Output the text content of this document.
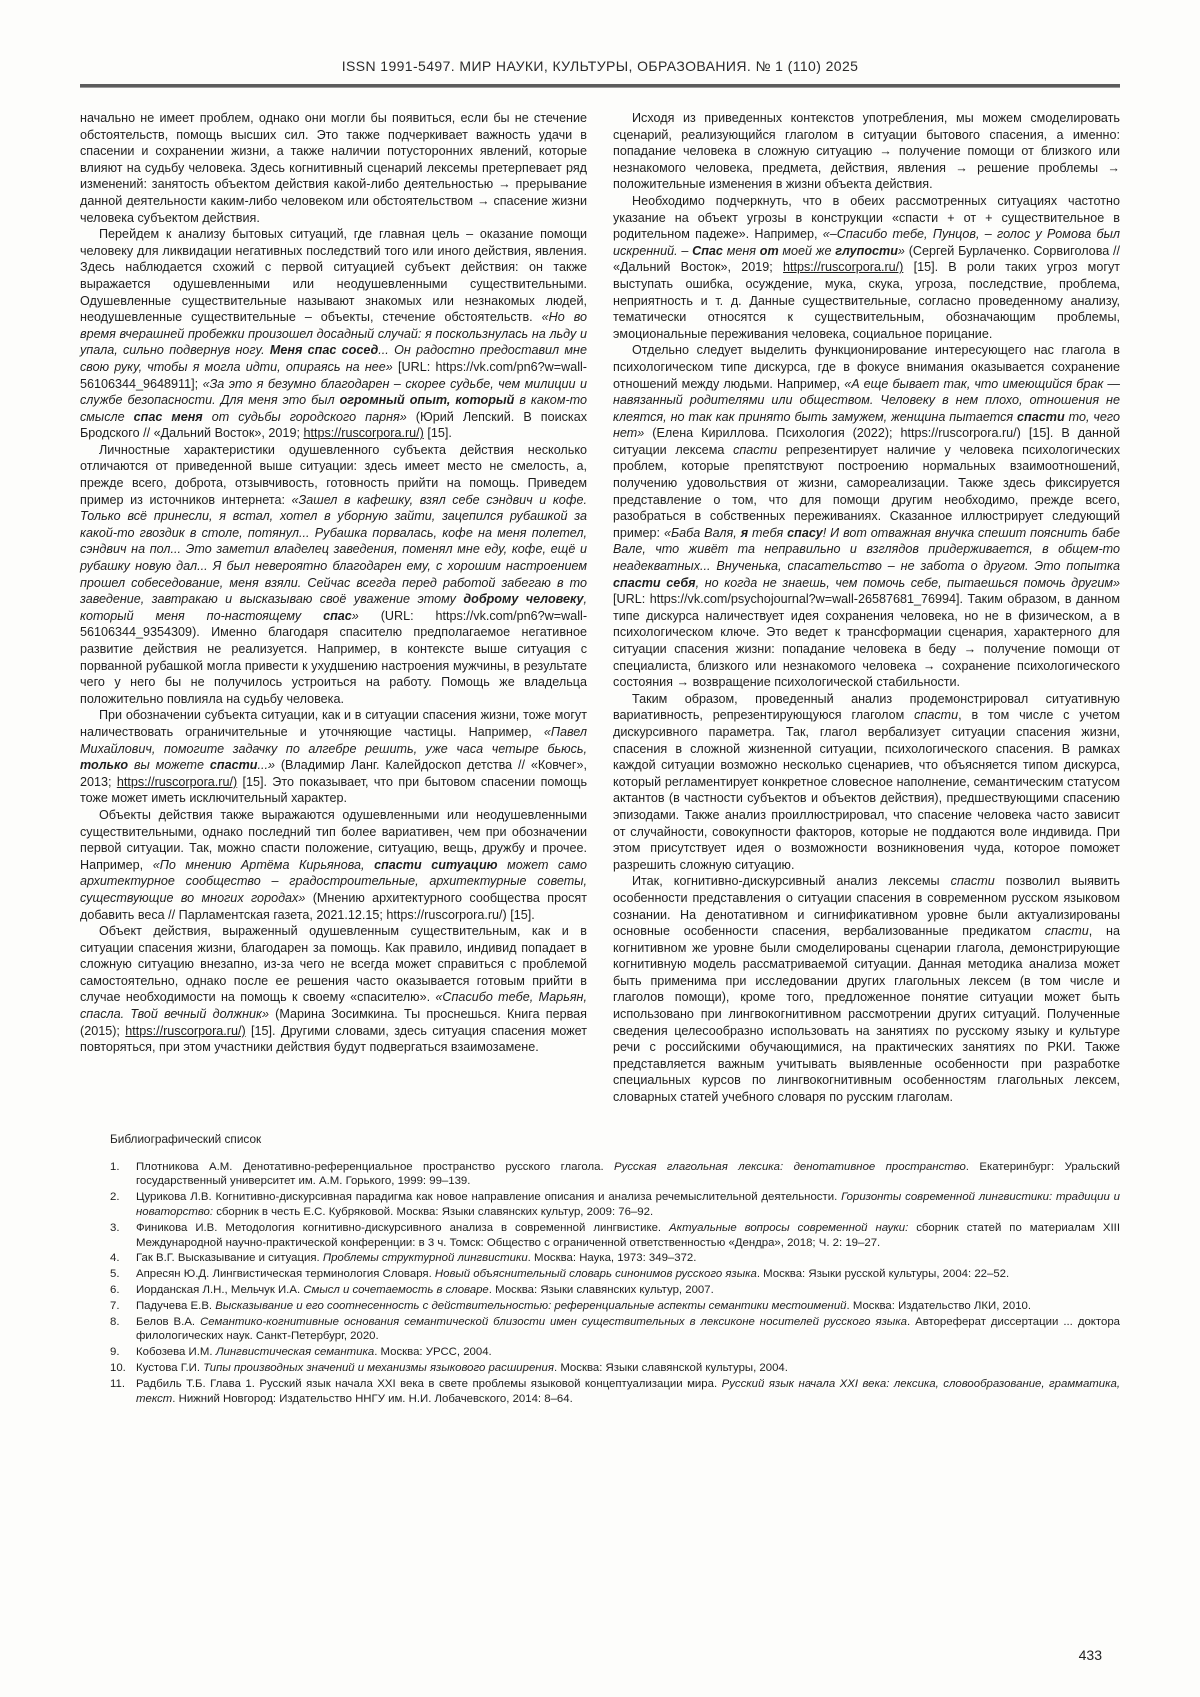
ISSN 1991-5497. МИР НАУКИ, КУЛЬТУРЫ, ОБРАЗОВАНИЯ. № 1 (110) 2025

начально не имеет проблем, однако они могли бы появиться, если бы не стечение обстоятельств, помощь высших сил. Это также подчеркивает важность удачи в спасении и сохранении жизни, а также наличии потусторонних явлений, которые влияют на судьбу человека. Здесь когнитивный сценарий лексемы претерпевает ряд изменений: занятость объектом действия какой-либо деятельностью → прерывание данной деятельности каким-либо человеком или обстоятельством → спасение жизни человека субъектом действия.

Перейдем к анализу бытовых ситуаций, где главная цель – оказание помощи человеку для ликвидации негативных последствий того или иного действия, явления. Здесь наблюдается схожий с первой ситуацией субъект действия: он также выражается одушевленными или неодушевленными существительными. Одушевленные существительные называют знакомых или незнакомых людей, неодушевленные существительные – объекты, стечение обстоятельств. «Но во время вчерашней пробежки произошел досадный случай: я поскользнулась на льду и упала, сильно подвернув ногу. Меня спас сосед... Он радостно предоставил мне свою руку, чтобы я могла идти, опираясь на нее» [URL: https://vk.com/pn6?w=wall-56106344_9648911]; «За это я безумно благодарен – скорее судьбе, чем милиции и службе безопасности. Для меня это был огромный опыт, который в каком-то смысле спас меня от судьбы городского парня» (Юрий Лепский. В поисках Бродского // «Дальний Восток», 2019; https://ruscorpora.ru/) [15].

Личностные характеристики одушевленного субъекта действия несколько отличаются от приведенной выше ситуации: здесь имеет место не смелость, а, прежде всего, доброта, отзывчивость, готовность прийти на помощь. Приведем пример из источников интернета: «Зашел в кафешку, взял себе сэндвич и кофе. Только всё принесли, я встал, хотел в уборную зайти, зацепился рубашкой за какой-то гвоздик в столе, потянул... Рубашка порвалась, кофе на меня полетел, сэндвич на пол... Это заметил владелец заведения, поменял мне еду, кофе, ещё и рубашку новую дал... Я был невероятно благодарен ему, с хорошим настроением прошел собеседование, меня взяли. Сейчас всегда перед работой забегаю в то заведение, завтракаю и высказываю своё уважение этому доброму человеку, который меня по-настоящему спас» (URL: https://vk.com/pn6?w=wall-56106344_9354309). Именно благодаря спасителю предполагаемое негативное развитие действия не реализуется. Например, в контексте выше ситуация с порванной рубашкой могла привести к ухудшению настроения мужчины, в результате чего у него бы не получилось устроиться на работу. Помощь же владельца положительно повлияла на судьбу человека.

При обозначении субъекта ситуации, как и в ситуации спасения жизни, тоже могут наличествовать ограничительные и уточняющие частицы. Например, «Павел Михайлович, помогите задачку по алгебре решить, уже часа четыре бьюсь, только вы можете спасти...» (Владимир Ланг. Калейдоскоп детства // «Ковчег», 2013; https://ruscorpora.ru/) [15]. Это показывает, что при бытовом спасении помощь тоже может иметь исключительный характер.

Объекты действия также выражаются одушевленными или неодушевленными существительными, однако последний тип более вариативен, чем при обозначении первой ситуации. Так, можно спасти положение, ситуацию, вещь, дружбу и прочее. Например, «По мнению Артёма Кирьянова, спасти ситуацию может само архитектурное сообщество – градостроительные, архитектурные советы, существующие во многих городах» (Мнению архитектурного сообщества просят добавить веса // Парламентская газета, 2021.12.15; https://ruscorpora.ru/) [15].

Объект действия, выраженный одушевленным существительным, как и в ситуации спасения жизни, благодарен за помощь. Как правило, индивид попадает в сложную ситуацию внезапно, из-за чего не всегда может справиться с проблемой самостоятельно, однако после ее решения часто оказывается готовым прийти в случае необходимости на помощь к своему «спасителю». «Спасибо тебе, Марьян, спасла. Твой вечный должник» (Марина Зосимкина. Ты проснешься. Книга первая (2015); https://ruscorpora.ru/) [15]. Другими словами, здесь ситуация спасения может повторяться, при этом участники действия будут подвергаться взаимозамене.

Исходя из приведенных контекстов употребления, мы можем смоделировать сценарий, реализующийся глаголом в ситуации бытового спасения, а именно: попадание человека в сложную ситуацию → получение помощи от близкого или незнакомого человека, предмета, действия, явления → решение проблемы → положительные изменения в жизни объекта действия.

Необходимо подчеркнуть, что в обеих рассмотренных ситуациях частотно указание на объект угрозы в конструкции «спасти + от + существительное в родительном падеже». Например, «–Спасибо тебе, Пунцов, – голос у Ромова был искренний. – Спас меня от моей же глупости» (Сергей Бурлаченко. Сорвиголова // «Дальний Восток», 2019; https://ruscorpora.ru/) [15]. В роли таких угроз могут выступать ошибка, осуждение, мука, скука, угроза, последствие, проблема, неприятность и т. д. Данные существительные, согласно проведенному анализу, тематически относятся к существительным, обозначающим проблемы, эмоциональные переживания человека, социальное порицание.

Отдельно следует выделить функционирование интересующего нас глагола в психологическом типе дискурса, где в фокусе внимания оказывается сохранение отношений между людьми. Например, «А еще бывает так, что имеющийся брак — навязанный родителями или обществом. Человеку в нем плохо, отношения не клеятся, но так как принято быть замужем, женщина пытается спасти то, чего нет» (Елена Кириллова. Психология (2022); https://ruscorpora.ru/) [15]. В данной ситуации лексема спасти репрезентирует наличие у человека психологических проблем, которые препятствуют построению нормальных взаимоотношений, получению удовольствия от жизни, самореализации. Также здесь фиксируется представление о том, что для помощи другим необходимо, прежде всего, разобраться в собственных переживаниях. Сказанное иллюстрирует следующий пример: «Баба Валя, я тебя спасу! И вот отважная внучка спешит пояснить бабе Вале, что живёт та неправильно и взглядов придерживается, в общем-то неадекватных... Внученька, спасательство – не забота о другом. Это попытка спасти себя, но когда не знаешь, чем помочь себе, пытаешься помочь другим» [URL: https://vk.com/psychojournal?w=wall-26587681_76994]. Таким образом, в данном типе дискурса наличествует идея сохранения человека, но не в физическом, а в психологическом ключе. Это ведет к трансформации сценария, характерного для ситуации спасения жизни: попадание человека в беду → получение помощи от специалиста, близкого или незнакомого человека → сохранение психологического состояния → возвращение психологической стабильности.

Таким образом, проведенный анализ продемонстрировал ситуативную вариативность, репрезентирующуюся глаголом спасти, в том числе с учетом дискурсивного параметра. Так, глагол вербализует ситуации спасения жизни, спасения в сложной жизненной ситуации, психологического спасения. В рамках каждой ситуации возможно несколько сценариев, что объясняется типом дискурса, который регламентирует конкретное словесное наполнение, семантическим статусом актантов (в частности субъектов и объектов действия), предшествующими спасению эпизодами. Также анализ проиллюстрировал, что спасение человека часто зависит от случайности, совокупности факторов, которые не поддаются воле индивида. При этом присутствует идея о возможности возникновения чуда, которое поможет разрешить сложную ситуацию.

Итак, когнитивно-дискурсивный анализ лексемы спасти позволил выявить особенности представления о ситуации спасения в современном русском языковом сознании. На денотативном и сигнификативном уровне были актуализированы основные особенности спасения, вербализованные предикатом спасти, на когнитивном же уровне были смоделированы сценарии глагола, демонстрирующие когнитивную модель рассматриваемой ситуации. Данная методика анализа может быть применима при исследовании других глагольных лексем (в том числе и глаголов помощи), кроме того, предложенное понятие ситуации может быть использовано при лингвокогнитивном рассмотрении других ситуаций. Полученные сведения целесообразно использовать на занятиях по русскому языку и культуре речи с российскими обучающимися, на практических занятиях по РКИ. Также представляется важным учитывать выявленные особенности при разработке специальных курсов по лингвокогнитивным особенностям глагольных лексем, словарных статей учебного словаря по русским глаголам.

Библиографический список
1.	Плотникова А.М. Денотативно-референциальное пространство русского глагола. Русская глагольная лексика: денотативное пространство. Екатеринбург: Уральский государственный университет им. А.М. Горького, 1999: 99–139.
2.	Цурикова Л.В. Когнитивно-дискурсивная парадигма как новое направление описания и анализа речемыслительной деятельности. Горизонты современной лингвистики: традиции и новаторство: сборник в честь Е.С. Кубряковой. Москва: Языки славянских культур, 2009: 76–92.
3.	Финикова И.В. Методология когнитивно-дискурсивного анализа в современной лингвистике. Актуальные вопросы современной науки: сборник статей по материалам XIII Международной научно-практической конференции: в 3 ч. Томск: Общество с ограниченной ответственностью «Дендра», 2018; Ч. 2: 19–27.
4.	Гак В.Г. Высказывание и ситуация. Проблемы структурной лингвистики. Москва: Наука, 1973: 349–372.
5.	Апресян Ю.Д. Лингвистическая терминология Словаря. Новый объяснительный словарь синонимов русского языка. Москва: Языки русской культуры, 2004: 22–52.
6.	Иорданская Л.Н., Мельчук И.А. Смысл и сочетаемость в словаре. Москва: Языки славянских культур, 2007.
7.	Падучева Е.В. Высказывание и его соотнесенность с действительностью: референциальные аспекты семантики местоимений. Москва: Издательство ЛКИ, 2010.
8.	Белов В.А. Семантико-когнитивные основания семантической близости имен существительных в лексиконе носителей русского языка. Автореферат диссертации ... доктора филологических наук. Санкт-Петербург, 2020.
9.	Кобозева И.М. Лингвистическая семантика. Москва: УРСС, 2004.
10. Кустова Г.И. Типы производных значений и механизмы языкового расширения. Москва: Языки славянской культуры, 2004.
11. Радбиль Т.Б. Глава 1. Русский язык начала XXI века в свете проблемы языковой концептуализации мира. Русский язык начала XXI века: лексика, словообразование, грамматика, текст. Нижний Новгород: Издательство ННГУ им. Н.И. Лобачевского, 2014: 8–64.
433
